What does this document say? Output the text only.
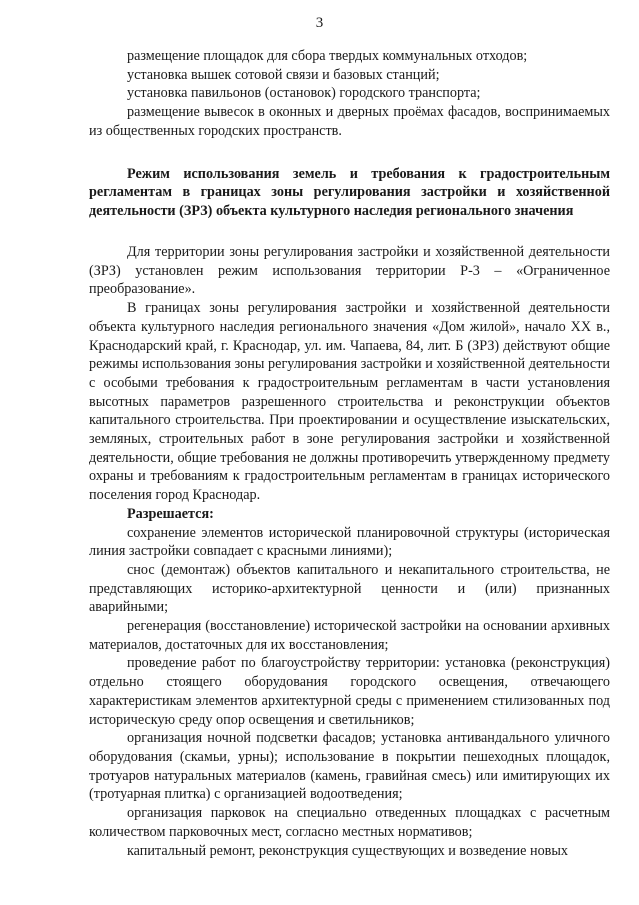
3

размещение площадок для сбора твердых коммунальных отходов;

установка вышек сотовой связи и базовых станций;

установка павильонов (остановок) городского транспорта;

размещение вывесок в оконных и дверных проёмах фасадов, воспринимаемых из общественных городских пространств.

Режим использования земель и требования к градостроительным регламентам в границах зоны регулирования застройки и хозяйственной деятельности (ЗРЗ) объекта культурного наследия регионального значения

Для территории зоны регулирования застройки и хозяйственной деятельности (ЗРЗ) установлен режим использования территории Р-3 – «Ограниченное преобразование».

В границах зоны регулирования застройки и хозяйственной деятельности объекта культурного наследия регионального значения «Дом жилой», начало XX в., Краснодарский край, г. Краснодар, ул. им. Чапаева, 84, лит. Б (ЗРЗ) действуют общие режимы использования зоны регулирования застройки и хозяйственной деятельности с особыми требования к градостроительным регламентам в части установления высотных параметров разрешенного строительства и реконструкции объектов капитального строительства. При проектировании и осуществление изыскательских, земляных, строительных работ в зоне регулирования застройки и хозяйственной деятельности, общие требования не должны противоречить утвержденному предмету охраны и требованиям к градостроительным регламентам в границах исторического поселения город Краснодар.

Разрешается:

сохранение элементов исторической планировочной структуры (историческая линия застройки совпадает с красными линиями);

снос (демонтаж) объектов капитального и некапитального строительства, не представляющих историко-архитектурной ценности и (или) признанных аварийными;

регенерация (восстановление) исторической застройки на основании архивных материалов, достаточных для их восстановления;

проведение работ по благоустройству территории: установка (реконструкция) отдельно стоящего оборудования городского освещения, отвечающего характеристикам элементов архитектурной среды с применением стилизованных под историческую среду опор освещения и светильников;

организация ночной подсветки фасадов; установка антивандального уличного оборудования (скамьи, урны); использование в покрытии пешеходных площадок, тротуаров натуральных материалов (камень, гравийная смесь) или имитирующих их (тротуарная плитка) с организацией водоотведения;

организация парковок на специально отведенных площадках с расчетным количеством парковочных мест, согласно местных нормативов;

капитальный ремонт, реконструкция существующих и возведение новых
